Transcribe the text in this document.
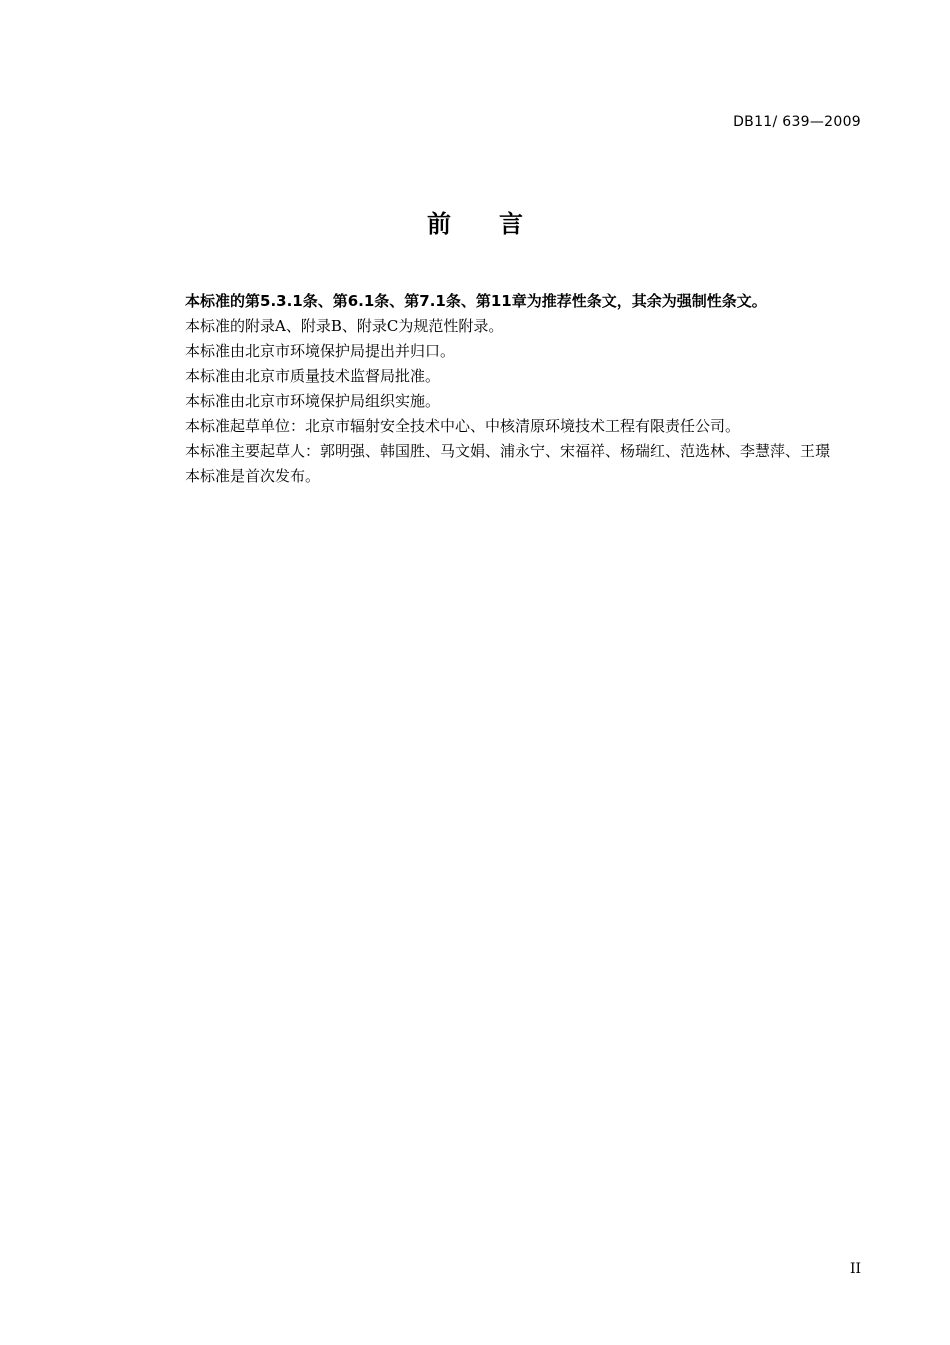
DB11/ 639—2009
前 言

本标准的第5.3.1条、第6.1条、第7.1条、第11章为推荐性条文，其余为强制性条文。

本标准的附录A、附录B、附录C为规范性附录。

本标准由北京市环境保护局提出并归口。

本标准由北京市质量技术监督局批准。

本标准由北京市环境保护局组织实施。

本标准起草单位：北京市辐射安全技术中心、中核清原环境技术工程有限责任公司。

本标准主要起草人：郭明强、韩国胜、马文娟、浦永宁、宋福祥、杨瑞红、范选林、李慧萍、王璟

本标准是首次发布。

II
